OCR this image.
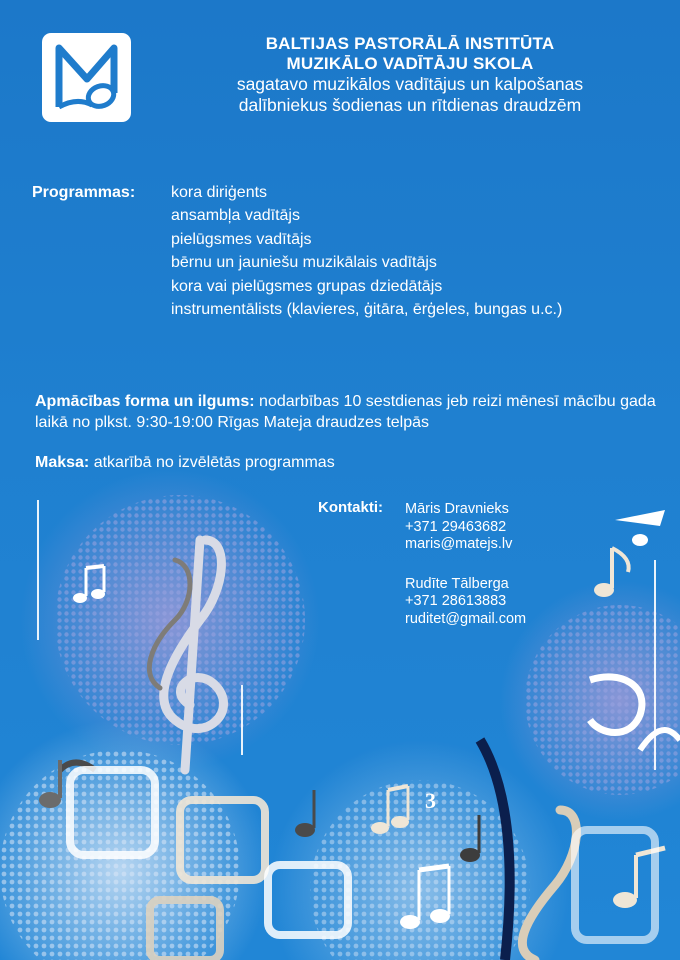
BALTIJAS PASTORĀLĀ INSTITŪTA
MUZIKĀLO VADĪTĀJU SKOLA
sagatavo muzikālos vadītājus un kalpošanas
dalībniekus šodienas un rītdienas draudzēm
Programmas: kora diriģents
ansambļa vadītājs
pielūgsmes vadītājs
bērnu un jauniešu muzikālais vadītājs
kora vai pielūgsmes grupas dziedātājs
instrumentālists (klavieres, ģitāra, ērģeles, bungas u.c.)
Apmācības forma un ilgums: nodarbības 10 sestdienas jeb reizi mēnesī mācību gada laikā no plkst. 9:30-19:00 Rīgas Mateja draudzes telpās
Maksa: atkarībā no izvēlētās programmas
3
Kontakti: Māris Dravnieks
+371 29463682
maris@matejs.lv
Rudīte Tālberga
+371 28613883
ruditet@gmail.com
